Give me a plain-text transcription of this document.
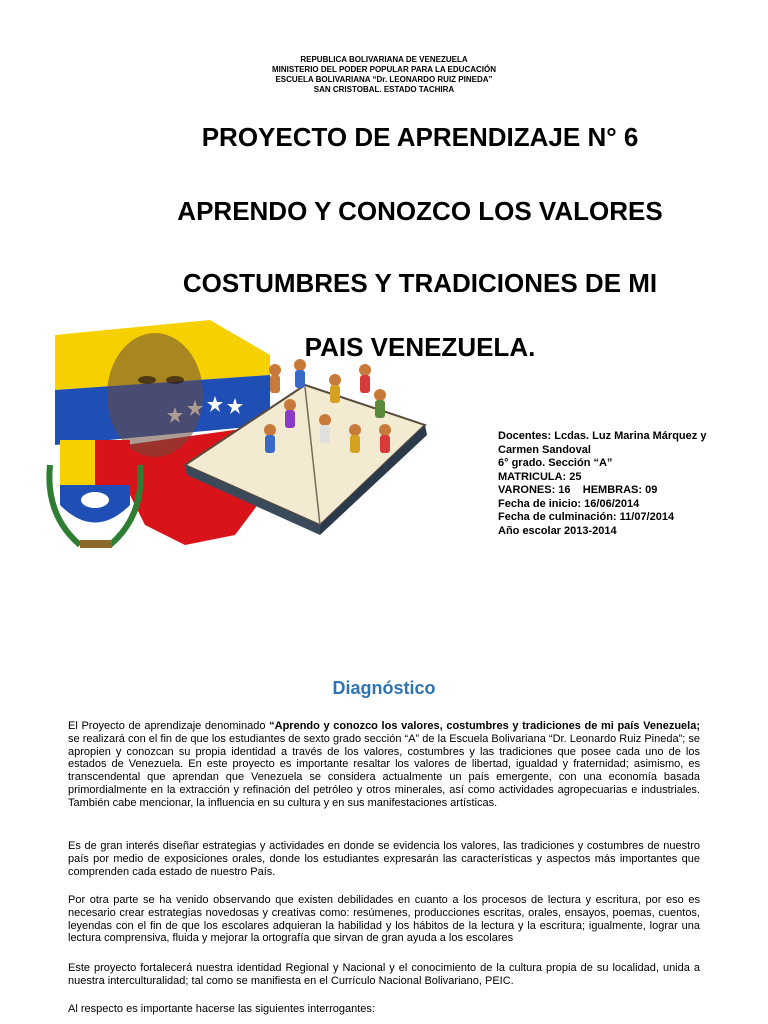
REPUBLICA BOLIVARIANA DE VENEZUELA
MINISTERIO DEL PODER POPULAR PARA LA EDUCACIÓN
ESCUELA BOLIVARIANA “Dr. LEONARDO RUIZ PINEDA”
SAN CRISTOBAL. ESTADO TACHIRA
PROYECTO DE APRENDIZAJE N° 6
APRENDO Y CONOZCO LOS VALORES
COSTUMBRES Y TRADICIONES DE MI
PAIS VENEZUELA.
Docentes: Lcdas. Luz Marina Márquez y
Carmen Sandoval
6° grado. Sección “A”
MATRICULA: 25
VARONES: 16    HEMBRAS: 09
Fecha de inicio: 16/06/2014
Fecha de culminación: 11/07/2014
Año escolar 2013-2014
Diagnóstico
El Proyecto de aprendizaje denominado “Aprendo y conozco los valores, costumbres y tradiciones de mi país Venezuela; se realizará con el fin de que los estudiantes de sexto grado sección “A” de la Escuela Bolivariana “Dr. Leonardo Ruiz Pineda”; se apropien y conozcan su propia identidad a través de los valores, costumbres y las tradiciones que posee cada uno de los estados de Venezuela. En este proyecto es importante resaltar los valores de libertad, igualdad y fraternidad; asimismo, es transcendental que aprendan que Venezuela se considera actualmente un país emergente, con una economía basada primordialmente en la extracción y refinación del petróleo y otros minerales, así como actividades agropecuarias e industriales. También cabe mencionar, la influencia en su cultura y en sus manifestaciones artísticas.
Es de gran interés diseñar estrategias y actividades en donde se evidencia los valores, las tradiciones y costumbres de nuestro país por medio de exposiciones orales, donde los estudiantes expresarán las características y aspectos más importantes que comprenden cada estado de nuestro País.
Por otra parte se ha venido observando que existen debilidades en cuanto a los procesos de lectura y escritura, por eso es necesario crear estrategias novedosas y creativas como: resúmenes, producciones escritas, orales, ensayos, poemas, cuentos, leyendas con el fin de que los escolares adquieran la habilidad y los hábitos de la lectura y la escritura; igualmente, lograr una lectura comprensiva, fluida y mejorar la ortografía que sirvan de gran ayuda a los escolares
Este proyecto fortalecerá nuestra identidad Regional y Nacional y el conocimiento de la cultura propia de su localidad, unida a nuestra interculturalidad; tal como se manifiesta en el Currículo Nacional Bolivariano, PEIC.
Al respecto es importante hacerse las siguientes interrogantes:
